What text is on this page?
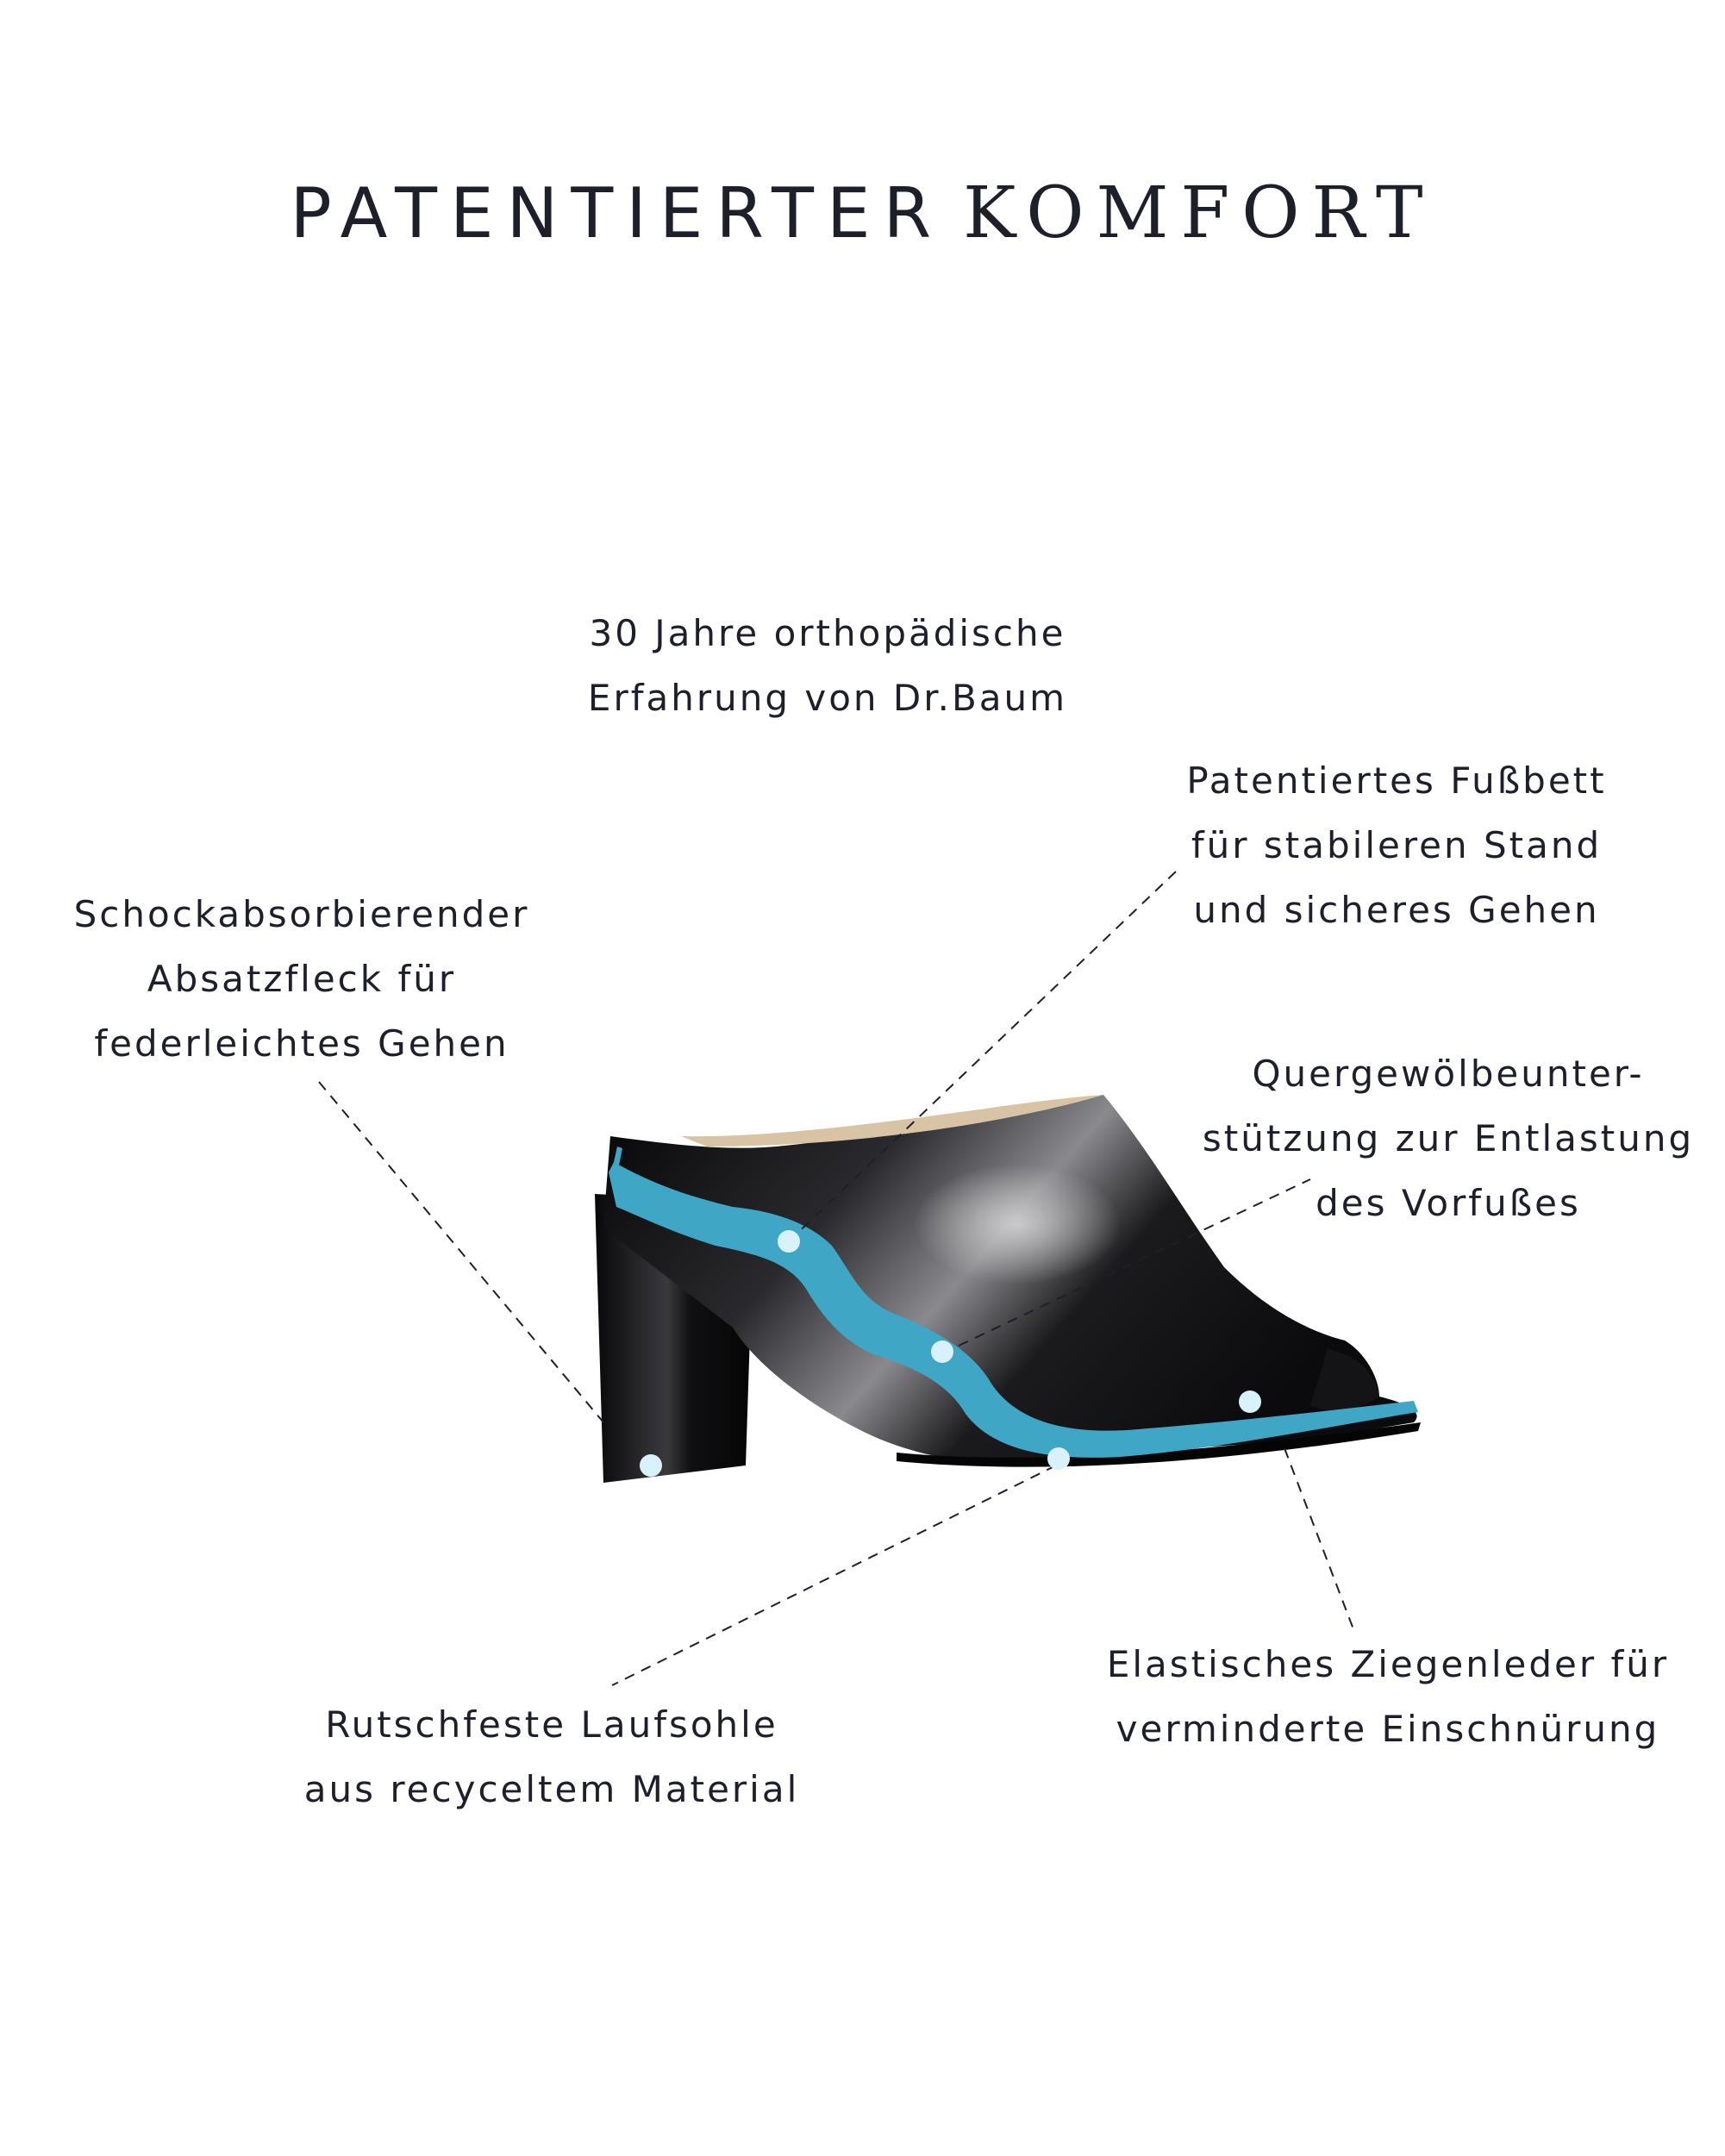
PATENTIERTER KOMFORT
30 Jahre orthopädische
Erfahrung von Dr.Baum
Patentiertes Fußbett
für stabileren Stand
und sicheres Gehen
Schockabsorbierender
Absatzfleck für
federleichtes Gehen
Quergewölbeunter-
stützung zur Entlastung
des Vorfußes
Elastisches Ziegenleder für
verminderte Einschnürung
Rutschfeste Laufsohle
aus recyceltem Material
